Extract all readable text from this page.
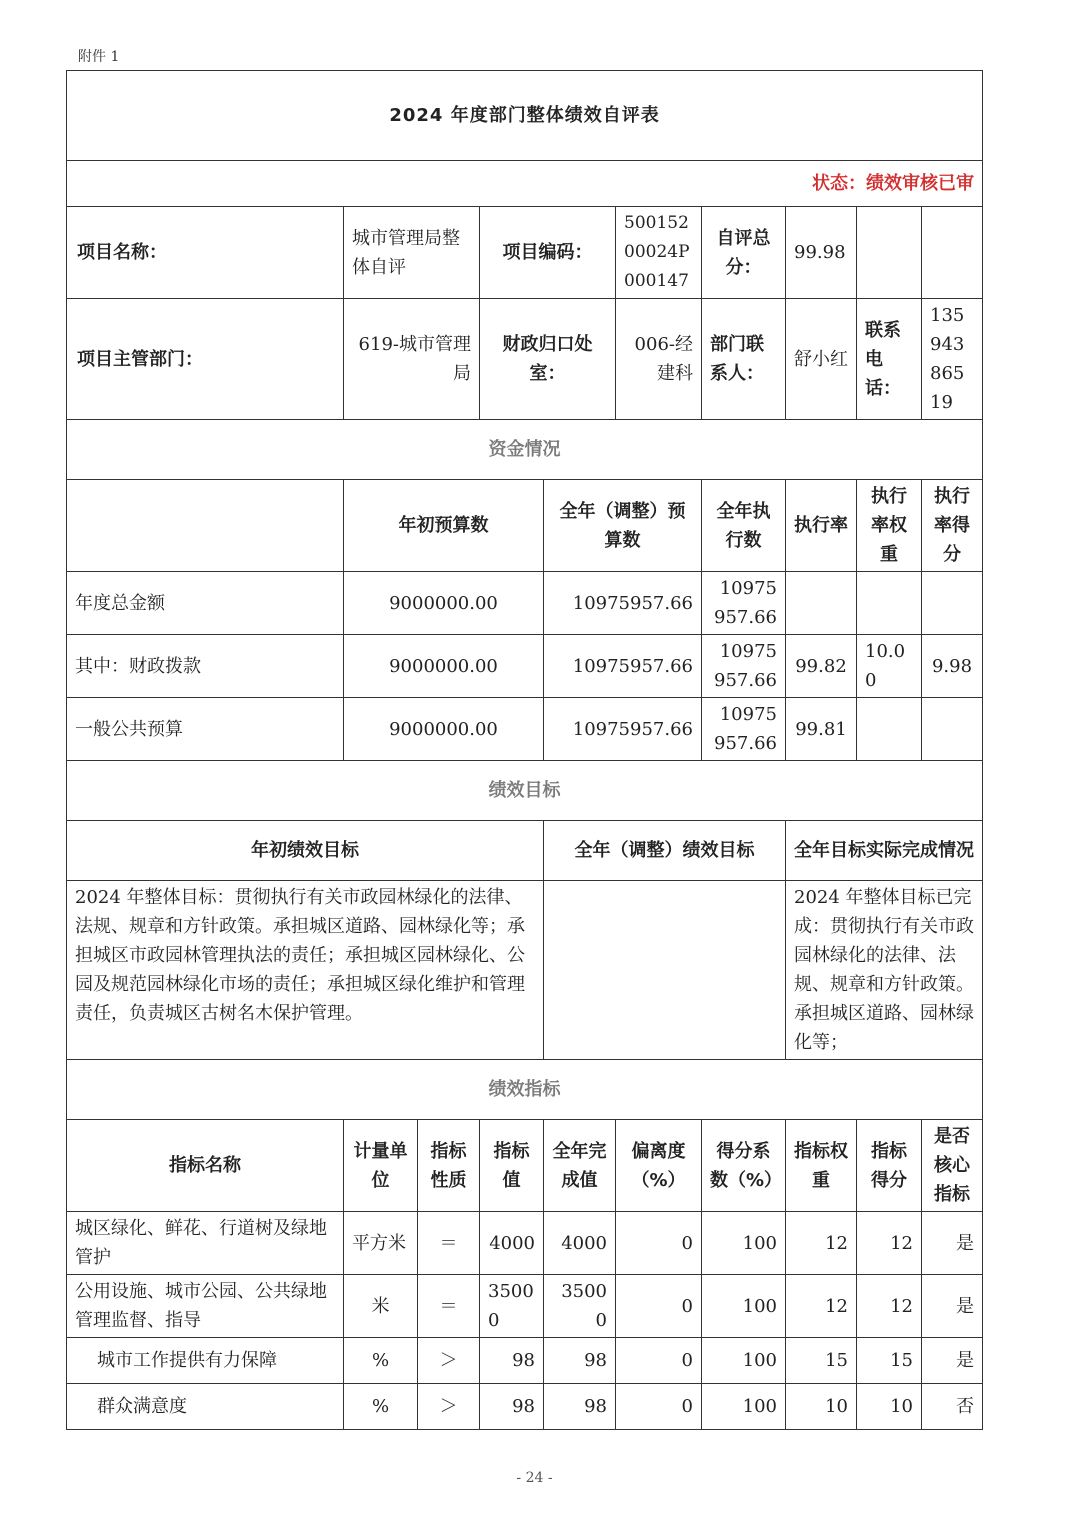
附件 1
2024 年度部门整体绩效自评表									
状态：绩效审核已审									
项目名称：	城市管理局整体自评		项目编码：		50015200024P000147	自评总分：	99.98		
项目主管部门：	619-城市管理局		财政归口处室：		006-经建科	部门联系人：	舒小红	联系电话：	13594386519
资金情况									
	年初预算数			全年（调整）预算数		全年执行数	执行率	执行率权重	执行率得分
年度总金额	9000000.00			10975957.66		10975957.66			
其中：财政拨款	9000000.00			10975957.66		10975957.66	99.82	10.00	9.98
一般公共预算	9000000.00			10975957.66		10975957.66	99.81		
绩效目标									
年初绩效目标				全年（调整）绩效目标			全年目标实际完成情况		
2024 年整体目标：贯彻执行有关市政园林绿化的法律、法规、规章和方针政策。承担城区道路、园林绿化等；承担城区市政园林管理执法的责任；承担城区园林绿化、公园及规范园林绿化市场的责任；承担城区绿化维护和管理责任，负责城区古树名木保护管理。							2024 年整体目标已完成：贯彻执行有关市政园林绿化的法律、法规、规章和方针政策。承担城区道路、园林绿化等；		
绩效指标									
指标名称	计量单位	指标性质	指标值	全年完成值	偏离度（%）	得分系数（%）	指标权重	指标得分	是否核心指标
城区绿化、鲜花、行道树及绿地管护	平方米	＝	4000	4000	0	100	12	12	是
公用设施、城市公园、公共绿地管理监督、指导	米	＝	35000	35000	0	100	12	12	是
城市工作提供有力保障	%	＞	98	98	0	100	15	15	是
群众满意度	%	＞	98	98	0	100	10	10	否
- 24 -
